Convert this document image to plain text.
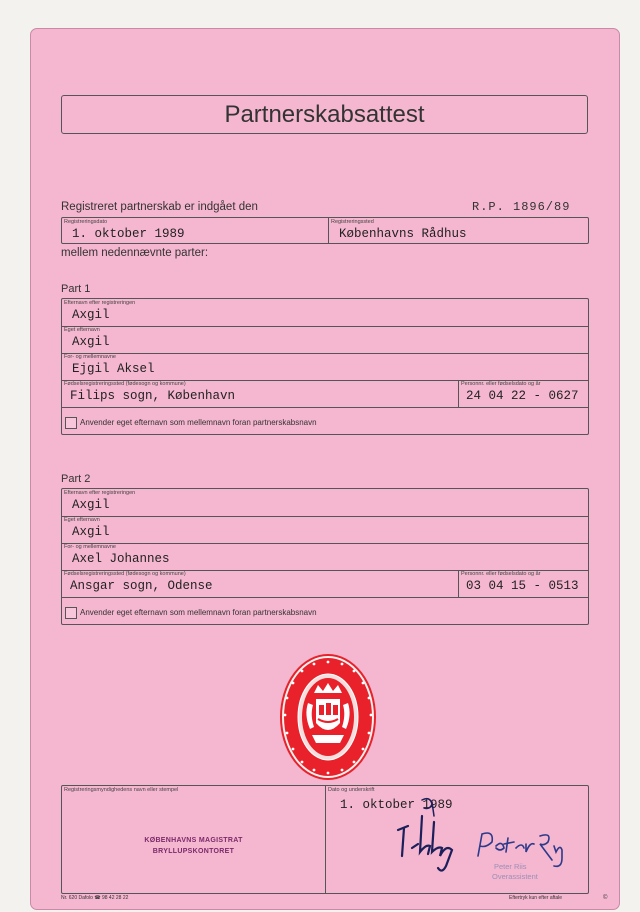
Partnerskabsattest
Registreret partnerskab er indgået den	R.P. 1896/89
Registreringsdato
1. oktober 1989
Registreringssted
Københavns Rådhus
mellem nedennævnte parter:
Part 1
Efternavn efter registreringen
Axgil
Eget efternavn
Axgil
For- og mellemnavne
Ejgil Aksel
Fødselsregistreringssted (fødesogn og kommune)
Filips sogn, København
Personnr. eller fødselsdato og år
24 04 22 - 0627
Anvender eget efternavn som mellemnavn foran partnerskabsnavn
Part 2
Efternavn efter registreringen
Axgil
Eget efternavn
Axgil
For- og mellemnavne
Axel Johannes
Fødselsregistreringssted (fødesogn og kommune)
Ansgar sogn, Odense
Personnr. eller fødselsdato og år
03 04 15 - 0513
Anvender eget efternavn som mellemnavn foran partnerskabsnavn
Registreringsmyndighedens navn eller stempel
KØBENHAVNS MAGISTRAT
BRYLLUPSKONTORET
Dato og underskrift
1. oktober 1989
Peter Riis
Overassistent
Nr. 620 Dafolo ☎ 98 42 28 22	Eftertryk kun efter aftale	©
